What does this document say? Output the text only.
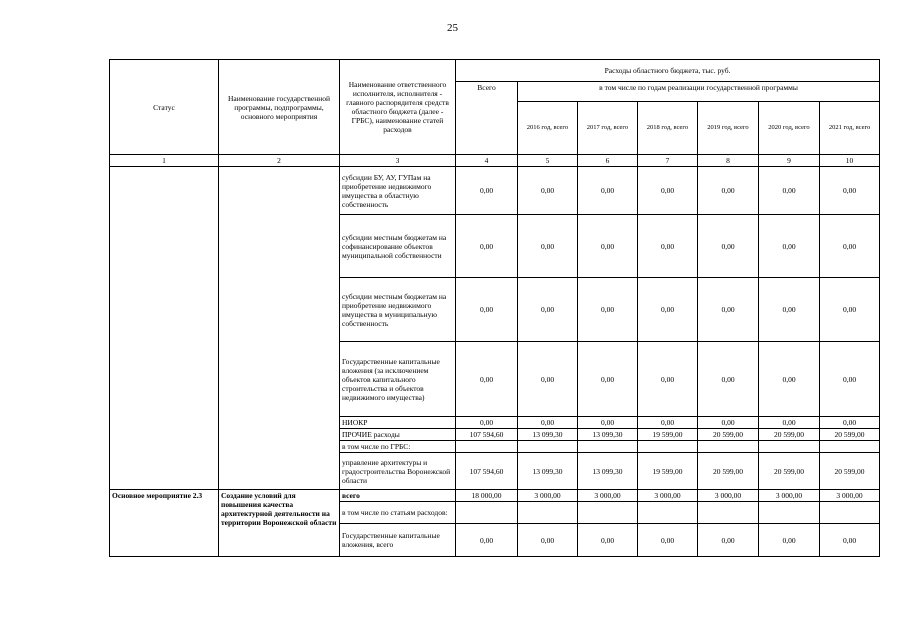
25
Статус	Наименование государственной программы, подпрограммы, основного мероприятия	Наименование ответственного исполнителя, исполнителя - главного распорядителя средств областного бюджета (далее - ГРБС), наименование статей расходов	Расходы областного бюджета, тыс. руб.						
			Всего	в том числе по годам реализации государственной программы					
				2016 год, всего	2017 год, всего	2018 год, всего	2019 год, всего	2020 год, всего	2021 год, всего
1	2	3	4	5	6	7	8	9	10
		субсидии БУ, АУ, ГУПам на приобретение недвижимого имущества в областную собственность	0,00	0,00	0,00	0,00	0,00	0,00	0,00
		субсидии местным бюджетам на софинансирование объектов муниципальной собственности	0,00	0,00	0,00	0,00	0,00	0,00	0,00
		субсидии местным бюджетам на приобретение недвижимого имущества в муниципальную собственность	0,00	0,00	0,00	0,00	0,00	0,00	0,00
		Государственные капитальные вложения (за исключением объектов капитального строительства и объектов недвижимого имущества)	0,00	0,00	0,00	0,00	0,00	0,00	0,00
		НИОКР	0,00	0,00	0,00	0,00	0,00	0,00	0,00
		ПРОЧИЕ расходы	107 594,60	13 099,30	13 099,30	19 599,00	20 599,00	20 599,00	20 599,00
		в том числе по ГРБС:							
		управление архитектуры и градостроительства Воронежской области	107 594,60	13 099,30	13 099,30	19 599,00	20 599,00	20 599,00	20 599,00
Основное мероприятие 2.3	Создание условий для повышения качества архитектурной деятельности на территории Воронежской области	всего	18 000,00	3 000,00	3 000,00	3 000,00	3 000,00	3 000,00	3 000,00
		в том числе по статьям расходов:							
		Государственные капитальные вложения, всего	0,00	0,00	0,00	0,00	0,00	0,00	0,00
